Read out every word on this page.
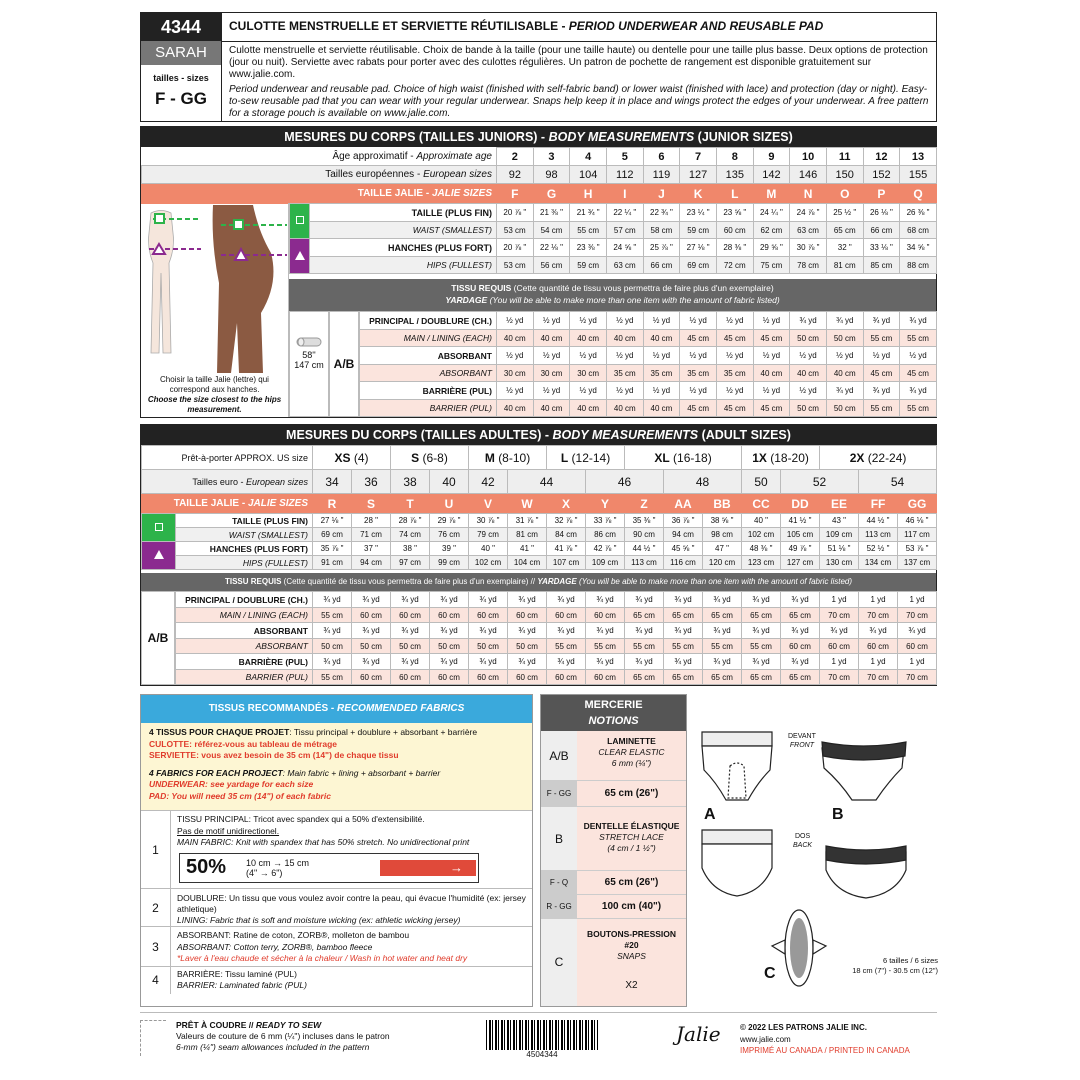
4344
SARAH
tailles - sizes
F - GG
CULOTTE MENSTRUELLE ET SERVIETTE RÉUTILISABLE - PERIOD UNDERWEAR AND REUSABLE PAD
Culotte menstruelle et serviette réutilisable. Choix de bande à la taille (pour une taille haute) ou dentelle pour une taille plus basse. Deux options de protection (jour ou nuit). Serviette avec rabats pour porter avec des culottes régulières. Un patron de pochette de rangement est disponible gratuitement sur www.jalie.com.
Period underwear and reusable pad. Choice of high waist (finished with self-fabric band) or lower waist (finished with lace) and protection (day or night). Easy-to-sew reusable pad that you can wear with your regular underwear. Snaps help keep it in place and wings protect the edges of your underwear. A free pattern for a storage pouch is available on www.jalie.com.
MESURES DU CORPS (TAILLES JUNIORS) - BODY MEASUREMENTS (JUNIOR SIZES)
Âge approximatif - Approximate age	2	3	4	5	6	7	8	9	10	11	12	13
Tailles européennes - European sizes	92	98	104	112	119	127	135	142	146	150	152	155
TAILLE JALIE - JALIE SIZES	F	G	H	I	J	K	L	M	N	O	P	Q
Choisir la taille Jalie (lettre) qui correspond aux hanches.
Choose the size closest to the hips measurement.
	TAILLE (PLUS FIN)	20 ⅞ "	21 ⅜ "	21 ¾ "	22 ¼ "	22 ¾ "	23 ¼ "	23 ⅝ "	24 ¼ "	24 ⅞ "	25 ½ "	26 ⅛ "	26 ⅜ "
	WAIST (SMALLEST)	53 cm	54 cm	55 cm	57 cm	58 cm	59 cm	60 cm	62 cm	63 cm	65 cm	66 cm	68 cm
	HANCHES (PLUS FORT)	20 ⅞ "	22 ⅛ "	23 ⅜ "	24 ⅝ "	25 ⅞ "	27 ⅛ "	28 ⅜ "	29 ⅝ "	30 ⅞ "	32 "	33 ⅛ "	34 ⅝ "
	HIPS (FULLEST)	53 cm	56 cm	59 cm	63 cm	66 cm	69 cm	72 cm	75 cm	78 cm	81 cm	85 cm	88 cm
TISSU REQUIS (Cette quantité de tissu vous permettra de faire plus d'un exemplaire)
YARDAGE (You will be able to make more than one item with the amount of fabric listed)
58''
147 cm A/B
PRINCIPAL / DOUBLURE (CH.)	½ yd	½ yd	½ yd	½ yd	½ yd	½ yd	½ yd	½ yd	¾ yd	¾ yd	¾ yd	¾ yd
MAIN / LINING (EACH)	40 cm	40 cm	40 cm	40 cm	40 cm	45 cm	45 cm	45 cm	50 cm	50 cm	55 cm	55 cm
ABSORBANT	½ yd	½ yd	½ yd	½ yd	½ yd	½ yd	½ yd	½ yd	½ yd	½ yd	½ yd	½ yd
ABSORBANT	30 cm	30 cm	30 cm	35 cm	35 cm	35 cm	35 cm	40 cm	40 cm	40 cm	45 cm	45 cm
BARRIÈRE (PUL)	½ yd	½ yd	½ yd	½ yd	½ yd	½ yd	½ yd	½ yd	½ yd	¾ yd	¾ yd	¾ yd
BARRIER (PUL)	40 cm	40 cm	40 cm	40 cm	40 cm	45 cm	45 cm	45 cm	50 cm	50 cm	55 cm	55 cm
MESURES DU CORPS (TAILLES ADULTES) - BODY MEASUREMENTS (ADULT SIZES)
Prêt-à-porter APPROX. US size	XS (4)		S (6-8)		M (8-10)		L (12-14)		XL (16-18)			1X (18-20)		2X (22-24)			
Tailles euro - European sizes	34	36	38	40	42	44		46		48		50	52		54	
TAILLE JALIE - JALIE SIZES	R	S	T	U	V	W	X	Y	Z	AA	BB	CC	DD	EE	FF	GG	
	TAILLE (PLUS FIN)	27 ⅛ "	28 "	28 ⅞ "	29 ⅞ "	30 ⅞ "	31 ⅞ "	32 ⅞ "	33 ⅞ "	35 ⅜ "	36 ⅞ "	38 ⅝ "	40 "	41 ½ "	43 "	44 ½ "	46 ⅛ "
	WAIST (SMALLEST)	69 cm	71 cm	74 cm	76 cm	79 cm	81 cm	84 cm	86 cm	90 cm	94 cm	98 cm	102 cm	105 cm	109 cm	113 cm	117 cm
	HANCHES (PLUS FORT)	35 ⅞ "	37 "	38 "	39 "	40 "	41 "	41 ⅞ "	42 ⅞ "	44 ½ "	45 ⅝ "	47 "	48 ⅜ "	49 ⅞ "	51 ⅛ "	52 ½ "	53 ⅞ "
	HIPS (FULLEST)	91 cm	94 cm	97 cm	99 cm	102 cm	104 cm	107 cm	109 cm	113 cm	116 cm	120 cm	123 cm	127 cm	130 cm	134 cm	137 cm
TISSU REQUIS (Cette quantité de tissu vous permettra de faire plus d'un exemplaire) // YARDAGE (You will be able to make more than one item with the amount of fabric listed)
A/B
PRINCIPAL / DOUBLURE (CH.)	¾ yd	¾ yd	¾ yd	¾ yd	¾ yd	¾ yd	¾ yd	¾ yd	¾ yd	¾ yd	¾ yd	¾ yd	¾ yd	1 yd	1 yd	1 yd
MAIN / LINING (EACH)	55 cm	60 cm	60 cm	60 cm	60 cm	60 cm	60 cm	60 cm	65 cm	65 cm	65 cm	65 cm	65 cm	70 cm	70 cm	70 cm
ABSORBANT	¾ yd	¾ yd	¾ yd	¾ yd	¾ yd	¾ yd	¾ yd	¾ yd	¾ yd	¾ yd	¾ yd	¾ yd	¾ yd	¾ yd	¾ yd	¾ yd
ABSORBANT	50 cm	50 cm	50 cm	50 cm	50 cm	50 cm	55 cm	55 cm	55 cm	55 cm	55 cm	55 cm	60 cm	60 cm	60 cm	60 cm
BARRIÈRE (PUL)	¾ yd	¾ yd	¾ yd	¾ yd	¾ yd	¾ yd	¾ yd	¾ yd	¾ yd	¾ yd	¾ yd	¾ yd	¾ yd	1 yd	1 yd	1 yd
BARRIER (PUL)	55 cm	60 cm	60 cm	60 cm	60 cm	60 cm	60 cm	60 cm	65 cm	65 cm	65 cm	65 cm	65 cm	70 cm	70 cm	70 cm
TISSUS RECOMMANDÉS - RECOMMENDED FABRICS
4 TISSUS POUR CHAQUE PROJET: Tissu principal + doublure + absorbant + barrière
CULOTTE: référez-vous au tableau de métrage
SERVIETTE: vous avez besoin de 35 cm (14") de chaque tissu
4 FABRICS FOR EACH PROJECT: Main fabric + lining + absorbant + barrier
UNDERWEAR: see yardage for each size
PAD: You will need 35 cm (14") of each fabric
1
TISSU PRINCIPAL: Tricot avec spandex qui a 50% d'extensibilité.
Pas de motif unidirectionel.
MAIN FABRIC: Knit with spandex that has 50% stretch. No unidirectional print
50% 10 cm → 15 cm
(4" → 6")	→
2
DOUBLURE: Un tissu que vous voulez avoir contre la peau, qui évacue l'humidité (ex: jersey athletique)
LINING: Fabric that is soft and moisture wicking (ex: athletic wicking jersey)
3
ABSORBANT: Ratine de coton, ZORB®, molleton de bambou
ABSORBANT: Cotton terry, ZORB®, bamboo fleece
*Laver à l'eau chaude et sécher à la chaleur / Wash in hot water and heat dry
4	BARRIÈRE: Tissu laminé (PUL)
BARRIER: Laminated fabric (PUL)
MERCERIE
NOTIONS
A/B
LAMINETTE
CLEAR ELASTIC
6 mm (¼")
F - GG	65 cm (26")
B
DENTELLE ÉLASTIQUE
STRETCH LACE
(4 cm / 1 ½")
F - Q	65 cm (26")
R - GG	100 cm (40")
C
BOUTONS-PRESSION
#20
SNAPS
X2
DEVANT
FRONT
DOS
BACK
A	B
C
6 tailles / 6 sizes
18 cm (7") - 30.5 cm (12")
PRÊT À COUDRE // READY TO SEW
Valeurs de couture de 6 mm (¼") incluses dans le patron
6-mm (¼") seam allowances included in the pattern
4504344
Jalie © 2022 LES PATRONS JALIE INC.
www.jalie.com
IMPRIMÉ AU CANADA / PRINTED IN CANADA
